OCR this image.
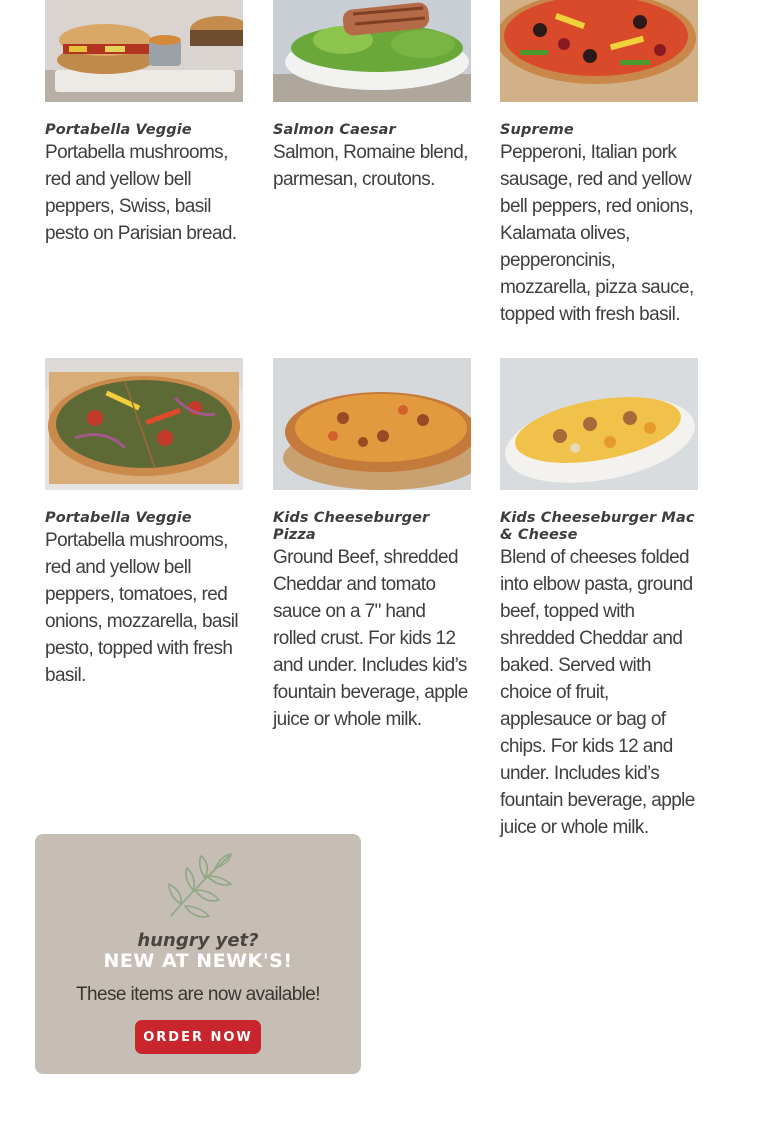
Portabella Veggie

Portabella mushrooms, red and yellow bell peppers, Swiss, basil pesto on Parisian bread.

Salmon Caesar

Salmon, Romaine blend, parmesan, croutons.

Supreme

Pepperoni, Italian pork sausage, red and yellow bell peppers, red onions, Kalamata olives, pepperoncinis, mozzarella, pizza sauce, topped with fresh basil.

Portabella Veggie

Portabella mushrooms, red and yellow bell peppers, tomatoes, red onions, mozzarella, basil pesto, topped with fresh basil.

Kids Cheeseburger Pizza

Ground Beef, shredded Cheddar and tomato sauce on a 7" hand rolled crust. For kids 12 and under. Includes kid’s fountain beverage, apple juice or whole milk.

Kids Cheeseburger Mac & Cheese

Blend of cheeses folded into elbow pasta, ground beef, topped with shredded Cheddar and baked. Served with choice of fruit, applesauce or bag of chips. For kids 12 and under. Includes kid’s fountain beverage, apple juice or whole milk.

hungry yet?
NEW AT NEWK'S!
These items are now available!
ORDER NOW
